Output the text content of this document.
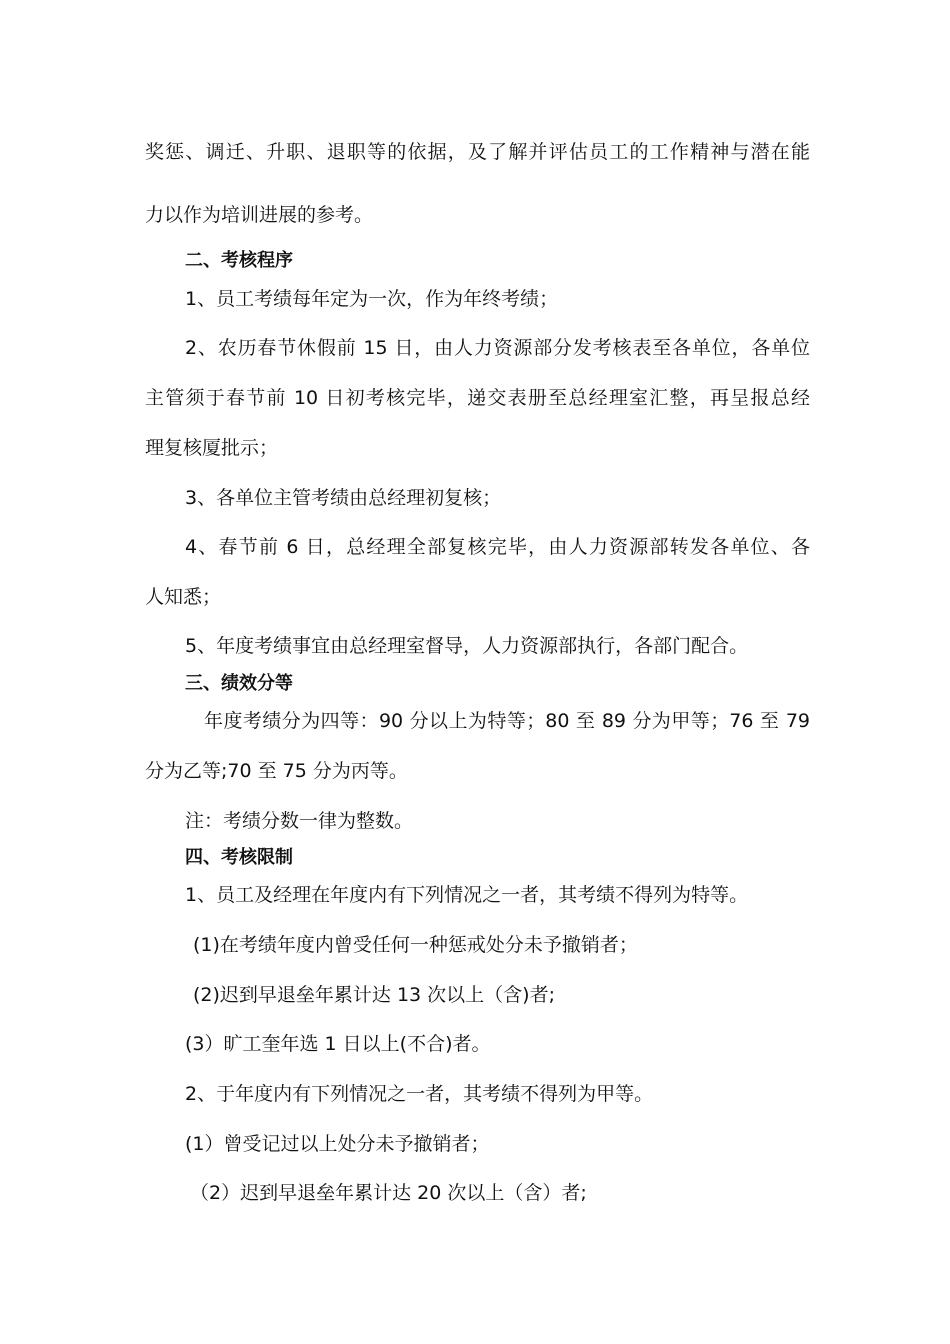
奖惩、调迁、升职、退职等的依据，及了解并评估员工的工作精神与潜在能

力以作为培训进展的参考。

二、考核程序

1、员工考绩每年定为一次，作为年终考绩；

2、农历春节休假前 15 日，由人力资源部分发考核表至各单位，各单位

主管须于春节前 10 日初考核完毕，递交表册至总经理室汇整，再呈报总经

理复核厦批示；

3、各单位主管考绩由总经理初复核；

4、春节前 6 日，总经理全部复核完毕，由人力资源部转发各单位、各

人知悉；

5、年度考绩事宜由总经理室督导，人力资源部执行，各部门配合。

三、绩效分等

年度考绩分为四等：90 分以上为特等；80 至 89 分为甲等；76 至 79

分为乙等;70 至 75 分为丙等。

注：考绩分数一律为整数。

四、考核限制

1、员工及经理在年度内有下列情况之一者，其考绩不得列为特等。

(1)在考绩年度内曾受任何一种惩戒处分未予撤销者；

(2)迟到早退垒年累计达 13 次以上（含)者;

(3）旷工奎年选 1 日以上(不合)者。

2、于年度内有下列情况之一者，其考绩不得列为甲等。

(1）曾受记过以上处分未予撤销者；

（2）迟到早退垒年累计达 20 次以上（含）者;
